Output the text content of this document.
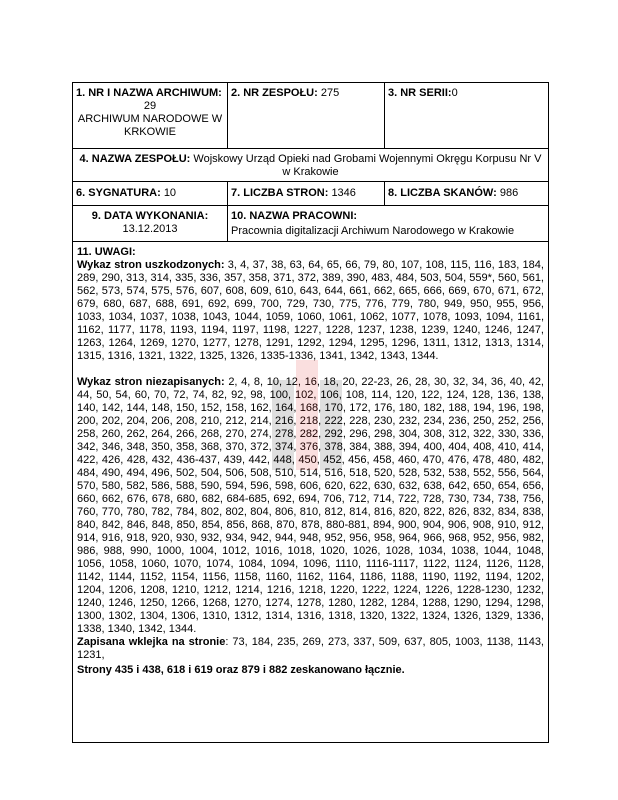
1. NR I NAZWA ARCHIWUM:
29
ARCHIWUM NARODOWE W KRKOWIE
2. NR ZESPOŁU: 275	3. NR SERII:0
4. NAZWA ZESPOŁU: Wojskowy Urząd Opieki nad Grobami Wojennymi Okręgu Korpusu Nr V w Krakowie
6. SYGNATURA: 10	7. LICZBA STRON: 1346	8. LICZBA SKANÓW: 986
9. DATA WYKONANIA:
13.12.2013
10. NAZWA PRACOWNI:
Pracownia digitalizacji Archiwum Narodowego w Krakowie

11. UWAGI:

Wykaz stron uszkodzonych: 3, 4, 37, 38, 63, 64, 65, 66, 79, 80, 107, 108, 115, 116, 183, 184, 289, 290, 313, 314, 335, 336, 357, 358, 371, 372, 389, 390, 483, 484, 503, 504, 559*, 560, 561, 562, 573, 574, 575, 576, 607, 608, 609, 610, 643, 644, 661, 662, 665, 666, 669, 670, 671, 672, 679, 680, 687, 688, 691, 692, 699, 700, 729, 730, 775, 776, 779, 780, 949, 950, 955, 956, 1033, 1034, 1037, 1038, 1043, 1044, 1059, 1060, 1061, 1062, 1077, 1078, 1093, 1094, 1161, 1162, 1177, 1178, 1193, 1194, 1197, 1198, 1227, 1228, 1237, 1238, 1239, 1240, 1246, 1247, 1263, 1264, 1269, 1270, 1277, 1278, 1291, 1292, 1294, 1295, 1296, 1311, 1312, 1313, 1314, 1315, 1316, 1321, 1322, 1325, 1326, 1335-1336, 1341, 1342, 1343, 1344.

Wykaz stron niezapisanych: 2, 4, 8, 10, 12, 16, 18, 20, 22-23, 26, 28, 30, 32, 34, 36, 40, 42, 44, 50, 54, 60, 70, 72, 74, 82, 92, 98, 100, 102, 106, 108, 114, 120, 122, 124, 128, 136, 138, 140, 142, 144, 148, 150, 152, 158, 162, 164, 168, 170, 172, 176, 180, 182, 188, 194, 196, 198, 200, 202, 204, 206, 208, 210, 212, 214, 216, 218, 222, 228, 230, 232, 234, 236, 250, 252, 256, 258, 260, 262, 264, 266, 268, 270, 274, 278, 282, 292, 296, 298, 304, 308, 312, 322, 330, 336, 342, 346, 348, 350, 358, 368, 370, 372, 374, 376, 378, 384, 388, 394, 400, 404, 408, 410, 414, 422, 426, 428, 432, 436-437, 439, 442, 448, 450, 452, 456, 458, 460, 470, 476, 478, 480, 482, 484, 490, 494, 496, 502, 504, 506, 508, 510, 514, 516, 518, 520, 528, 532, 538, 552, 556, 564, 570, 580, 582, 586, 588, 590, 594, 596, 598, 606, 620, 622, 630, 632, 638, 642, 650, 654, 656, 660, 662, 676, 678, 680, 682, 684-685, 692, 694, 706, 712, 714, 722, 728, 730, 734, 738, 756, 760, 770, 780, 782, 784, 802, 802, 804, 806, 810, 812, 814, 816, 820, 822, 826, 832, 834, 838, 840, 842, 846, 848, 850, 854, 856, 868, 870, 878, 880-881, 894, 900, 904, 906, 908, 910, 912, 914, 916, 918, 920, 930, 932, 934, 942, 944, 948, 952, 956, 958, 964, 966, 968, 952, 956, 982, 986, 988, 990, 1000, 1004, 1012, 1016, 1018, 1020, 1026, 1028, 1034, 1038, 1044, 1048, 1056, 1058, 1060, 1070, 1074, 1084, 1094, 1096, 1110, 1116-1117, 1122, 1124, 1126, 1128, 1142, 1144, 1152, 1154, 1156, 1158, 1160, 1162, 1164, 1186, 1188, 1190, 1192, 1194, 1202, 1204, 1206, 1208, 1210, 1212, 1214, 1216, 1218, 1220, 1222, 1224, 1226, 1228-1230, 1232, 1240, 1246, 1250, 1266, 1268, 1270, 1274, 1278, 1280, 1282, 1284, 1288, 1290, 1294, 1298, 1300, 1302, 1304, 1306, 1310, 1312, 1314, 1316, 1318, 1320, 1322, 1324, 1326, 1329, 1336, 1338, 1340, 1342, 1344.

Zapisana wklejka na stronie: 73, 184, 235, 269, 273, 337, 509, 637, 805, 1003, 1138, 1143, 1231,

Strony 435 i 438, 618 i 619 oraz 879 i 882 zeskanowano łącznie.
